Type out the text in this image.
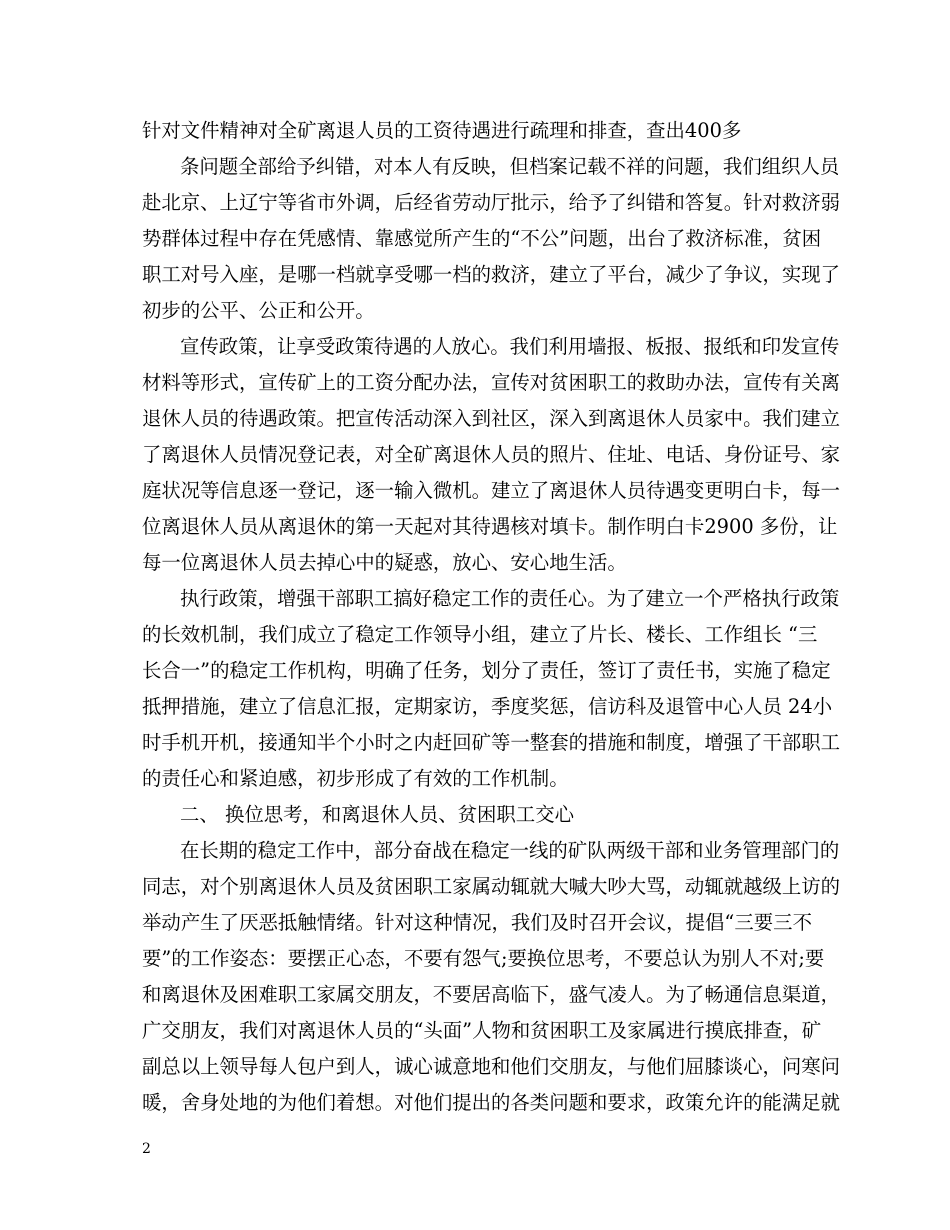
针对文件精神对全矿离退人员的工资待遇进行疏理和排查，查出400多
条问题全部给予纠错，对本人有反映，但档案记载不祥的问题，我们组织人员
赴北京、上辽宁等省市外调，后经省劳动厅批示，给予了纠错和答复。针对救济弱
势群体过程中存在凭感情、靠感觉所产生的“不公”问题，出台了救济标准，贫困
职工对号入座，是哪一档就享受哪一档的救济，建立了平台，减少了争议，实现了
初步的公平、公正和公开。
宣传政策，让享受政策待遇的人放心。我们利用墙报、板报、报纸和印发宣传
材料等形式，宣传矿上的工资分配办法，宣传对贫困职工的救助办法，宣传有关离
退休人员的待遇政策。把宣传活动深入到社区，深入到离退休人员家中。我们建立
了离退休人员情况登记表，对全矿离退休人员的照片、住址、电话、身份证号、家
庭状况等信息逐一登记，逐一输入微机。建立了离退休人员待遇变更明白卡，每一
位离退休人员从离退休的第一天起对其待遇核对填卡。制作明白卡2900 多份，让
每一位离退休人员去掉心中的疑惑，放心、安心地生活。
执行政策，增强干部职工搞好稳定工作的责任心。为了建立一个严格执行政策
的长效机制，我们成立了稳定工作领导小组，建立了片长、楼长、工作组长 “三
长合一”的稳定工作机构，明确了任务，划分了责任，签订了责任书，实施了稳定
抵押措施，建立了信息汇报，定期家访，季度奖惩，信访科及退管中心人员 24小
时手机开机，接通知半个小时之内赶回矿等一整套的措施和制度，增强了干部职工
的责任心和紧迫感，初步形成了有效的工作机制。
二、 换位思考，和离退休人员、贫困职工交心
在长期的稳定工作中，部分奋战在稳定一线的矿队两级干部和业务管理部门的
同志，对个别离退休人员及贫困职工家属动辄就大喊大吵大骂，动辄就越级上访的
举动产生了厌恶抵触情绪。针对这种情况，我们及时召开会议，提倡“三要三不
要”的工作姿态：要摆正心态，不要有怨气;要换位思考，不要总认为别人不对;要
和离退休及困难职工家属交朋友，不要居高临下，盛气凌人。为了畅通信息渠道，
广交朋友，我们对离退休人员的“头面”人物和贫困职工及家属进行摸底排查，矿
副总以上领导每人包户到人，诚心诚意地和他们交朋友，与他们屈膝谈心，问寒问
暖，舍身处地的为他们着想。对他们提出的各类问题和要求，政策允许的能满足就
2
